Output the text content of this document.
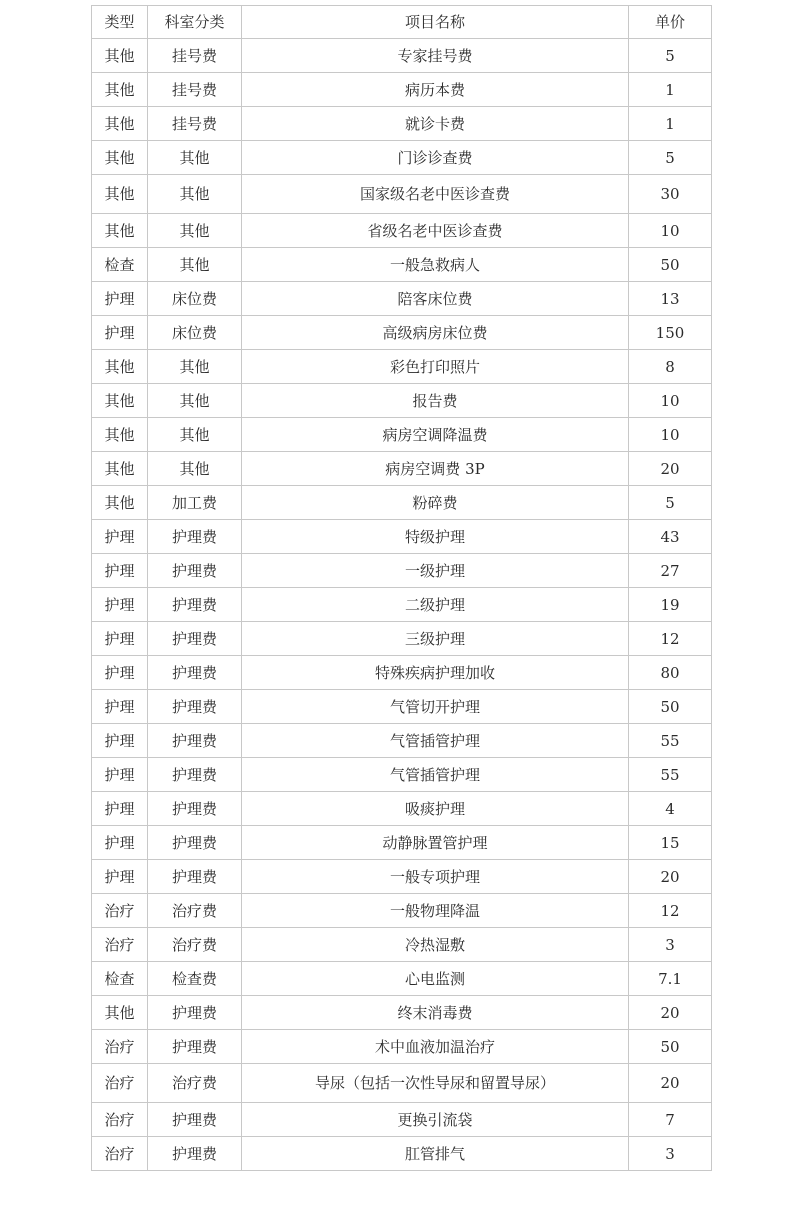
类型	科室分类	项目名称	单价
其他	挂号费	专家挂号费	5
其他	挂号费	病历本费	1
其他	挂号费	就诊卡费	1
其他	其他	门诊诊查费	5
其他	其他	国家级名老中医诊查费	30
其他	其他	省级名老中医诊查费	10
检查	其他	一般急救病人	50
护理	床位费	陪客床位费	13
护理	床位费	高级病房床位费	150
其他	其他	彩色打印照片	8
其他	其他	报告费	10
其他	其他	病房空调降温费	10
其他	其他	病房空调费 3P	20
其他	加工费	粉碎费	5
护理	护理费	特级护理	43
护理	护理费	一级护理	27
护理	护理费	二级护理	19
护理	护理费	三级护理	12
护理	护理费	特殊疾病护理加收	80
护理	护理费	气管切开护理	50
护理	护理费	气管插管护理	55
护理	护理费	气管插管护理	55
护理	护理费	吸痰护理	4
护理	护理费	动静脉置管护理	15
护理	护理费	一般专项护理	20
治疗	治疗费	一般物理降温	12
治疗	治疗费	冷热湿敷	3
检查	检查费	心电监测	7.1
其他	护理费	终末消毒费	20
治疗	护理费	术中血液加温治疗	50
治疗	治疗费	导尿（包括一次性导尿和留置导尿）	20
治疗	护理费	更换引流袋	7
治疗	护理费	肛管排气	3
